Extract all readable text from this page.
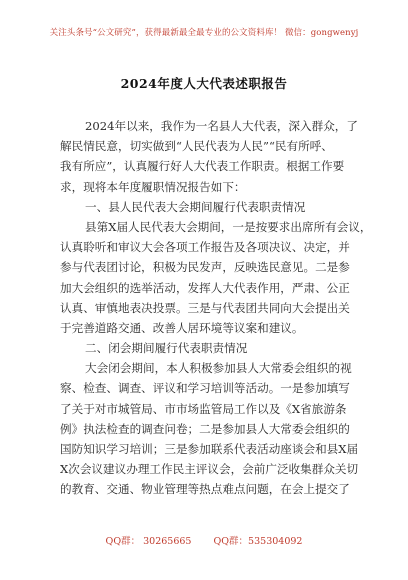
关注头条号“公文研究”，获得最新最全最专业的公文资料库！ 微信：gongwenyj
2024年度人大代表述职报告
2024年以来，我作为一名县人大代表，深入群众，了
解民情民意，切实做到“人民代表为人民”“民有所呼、
我有所应”，认真履行好人大代表工作职责。根据工作要
求，现将本年度履职情况报告如下：
一、县人民代表大会期间履行代表职责情况
县第X届人民代表大会期间，一是按要求出席所有会议，
认真聆听和审议大会各项工作报告及各项决议、决定，并
参与代表团讨论，积极为民发声，反映选民意见。二是参
加大会组织的选举活动，发挥人大代表作用，严肃、公正
认真、审慎地表决投票。三是与代表团共同向大会提出关
于完善道路交通、改善人居环境等议案和建议。
二、闭会期间履行代表职责情况
大会闭会期间，本人积极参加县人大常委会组织的视
察、检查、调查、评议和学习培训等活动。一是参加填写
了关于对市城管局、市市场监管局工作以及《X省旅游条
例》执法检查的调查问卷；二是参加县人大常委会组织的
国防知识学习培训；三是参加联系代表活动座谈会和县X届
X次会议建议办理工作民主评议会，会前广泛收集群众关切
的教育、交通、物业管理等热点难点问题，在会上提交了
QQ群： 30265665 QQ群：535304092
